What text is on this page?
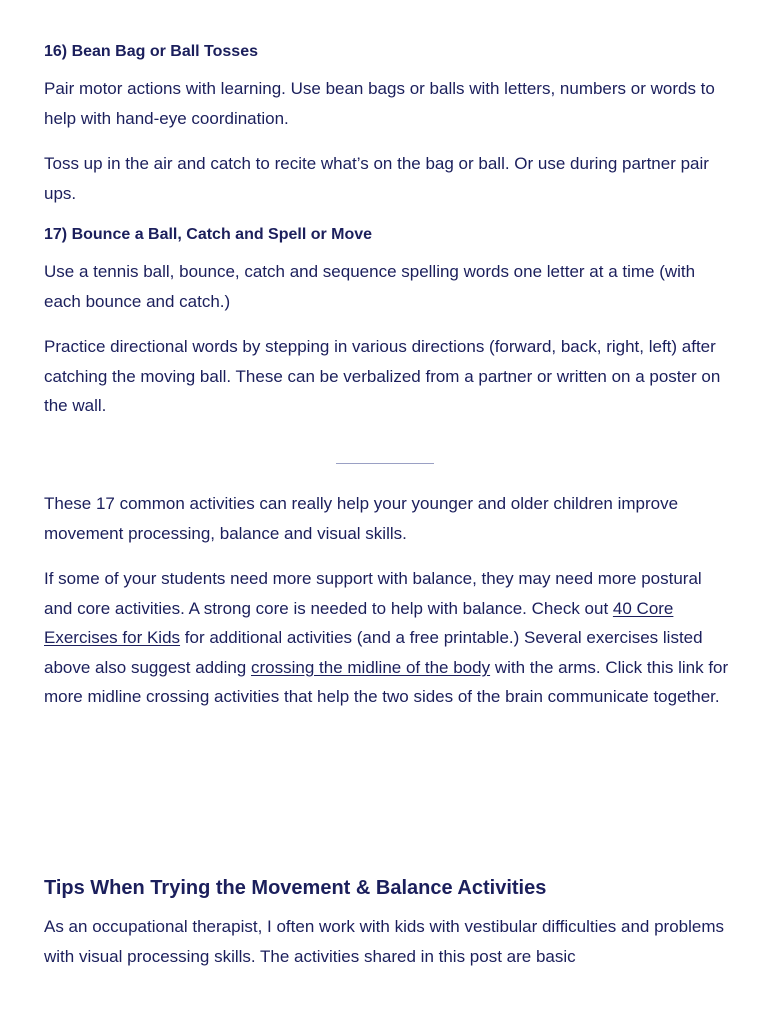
16) Bean Bag or Ball Tosses

Pair motor actions with learning. Use bean bags or balls with letters, numbers or words to help with hand-eye coordination.

Toss up in the air and catch to recite what’s on the bag or ball. Or use during partner pair ups.

17) Bounce a Ball, Catch and Spell or Move

Use a tennis ball, bounce, catch and sequence spelling words one letter at a time (with each bounce and catch.)

Practice directional words by stepping in various directions (forward, back, right, left) after catching the moving ball. These can be verbalized from a partner or written on a poster on the wall.

These 17 common activities can really help your younger and older children improve movement processing, balance and visual skills.

If some of your students need more support with balance, they may need more postural and core activities. A strong core is needed to help with balance. Check out 40 Core Exercises for Kids for additional activities (and a free printable.) Several exercises listed above also suggest adding crossing the midline of the body with the arms. Click this link for more midline crossing activities that help the two sides of the brain communicate together.

Tips When Trying the Movement & Balance Activities

As an occupational therapist, I often work with kids with vestibular difficulties and problems with visual processing skills. The activities shared in this post are basic
